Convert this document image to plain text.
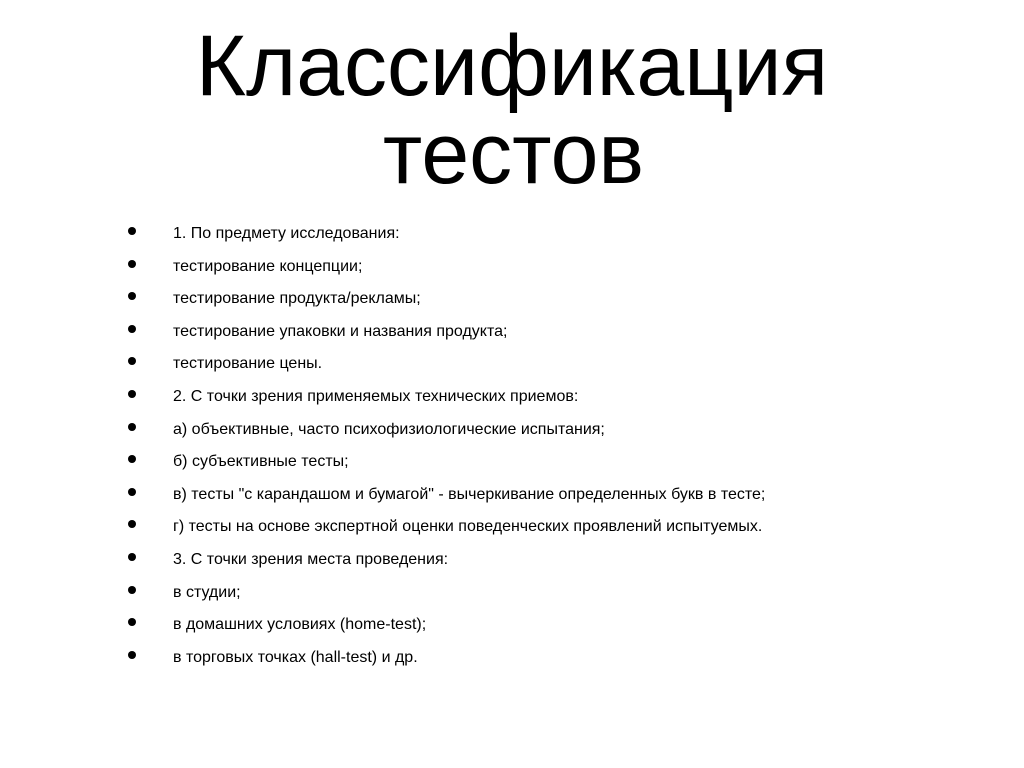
Классификация
тестов
1. По предмету исследования:
тестирование концепции;
тестирование продукта/рекламы;
тестирование упаковки и названия продукта;
тестирование цены.
2. С точки зрения применяемых технических приемов:
а) объективные, часто психофизиологические испытания;
б) субъективные тесты;
в) тесты "с карандашом и бумагой" - вычеркивание определенных букв в тесте;
г) тесты на основе экспертной оценки поведенческих проявлений испытуемых.
3. С точки зрения места проведения:
в студии;
в домашних условиях (home-test);
в торговых точках (hall-test) и др.
